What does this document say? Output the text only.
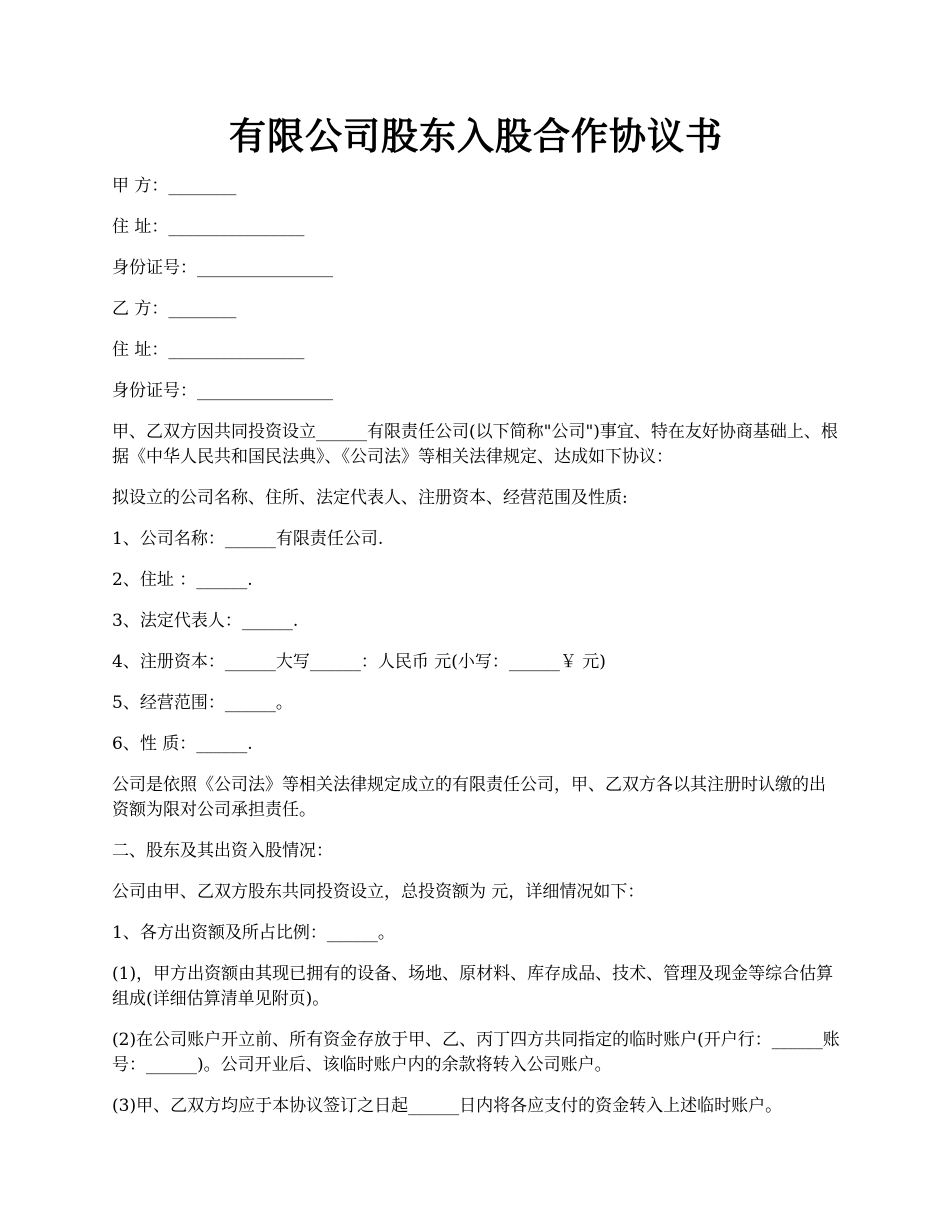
有限公司股东入股合作协议书

甲 方：________

住 址：________________

身份证号：________________

乙 方：________

住 址：________________

身份证号：________________

甲、乙双方因共同投资设立______有限责任公司(以下简称"公司")事宜、特在友好协商基础上、根据《中华人民共和国民法典》、《公司法》等相关法律规定、达成如下协议：

拟设立的公司名称、住所、法定代表人、注册资本、经营范围及性质:

1、公司名称：______有限责任公司.

2、住址 ：______.

3、法定代表人：______.

4、注册资本：______大写______：人民币 元(小写：______￥ 元)

5、经营范围：______。

6、性 质：______.

公司是依照《公司法》等相关法律规定成立的有限责任公司，甲、乙双方各以其注册时认缴的出资额为限对公司承担责任。

二、股东及其出资入股情况：

公司由甲、乙双方股东共同投资设立，总投资额为 元，详细情况如下：

1、各方出资额及所占比例：______。

(1)，甲方出资额由其现已拥有的设备、场地、原材料、库存成品、技术、管理及现金等综合估算组成(详细估算清单见附页)。

(2)在公司账户开立前、所有资金存放于甲、乙、丙丁四方共同指定的临时账户(开户行：______账号：______)。公司开业后、该临时账户内的余款将转入公司账户。

(3)甲、乙双方均应于本协议签订之日起______日内将各应支付的资金转入上述临时账户。
